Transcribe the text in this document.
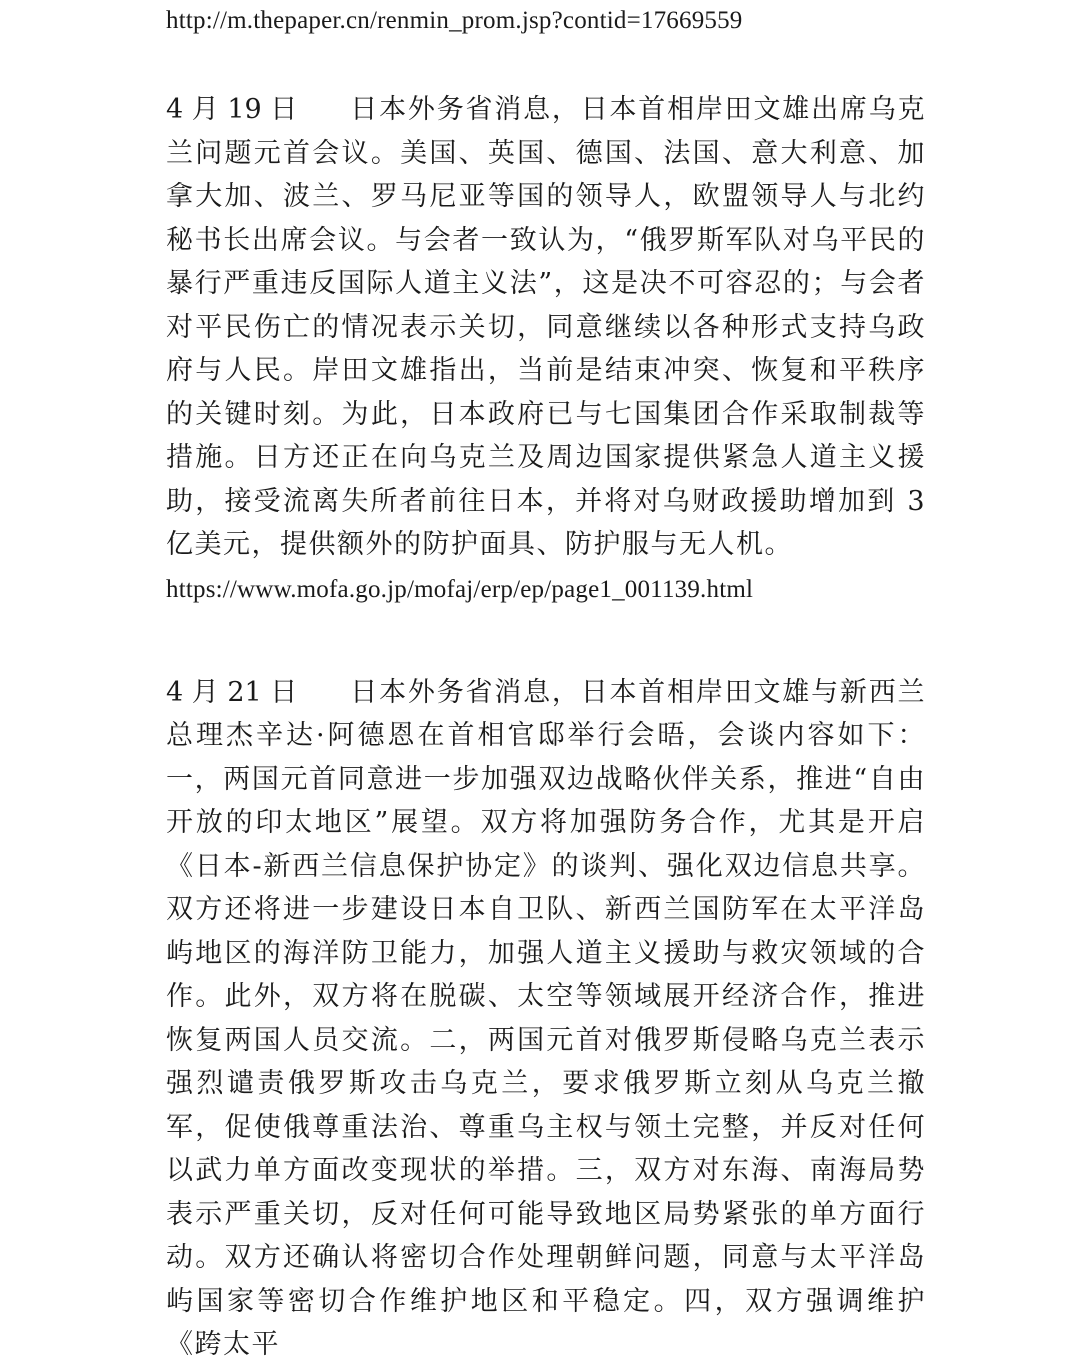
http://m.thepaper.cn/renmin_prom.jsp?contid=17669559
4 月 19 日 日本外务省消息，日本首相岸田文雄出席乌克兰问题元首会议。美国、英国、德国、法国、意大利意、加拿大加、波兰、罗马尼亚等国的领导人，欧盟领导人与北约秘书长出席会议。与会者一致认为，“俄罗斯军队对乌平民的暴行严重违反国际人道主义法”，这是决不可容忍的；与会者对平民伤亡的情况表示关切，同意继续以各种形式支持乌政府与人民。岸田文雄指出，当前是结束冲突、恢复和平秩序的关键时刻。为此，日本政府已与七国集团合作采取制裁等措施。日方还正在向乌克兰及周边国家提供紧急人道主义援助，接受流离失所者前往日本，并将对乌财政援助增加到 3 亿美元，提供额外的防护面具、防护服与无人机。
https://www.mofa.go.jp/mofaj/erp/ep/page1_001139.html
4 月 21 日 日本外务省消息，日本首相岸田文雄与新西兰总理杰辛达·阿德恩在首相官邸举行会晤，会谈内容如下：一，两国元首同意进一步加强双边战略伙伴关系，推进“自由开放的印太地区”展望。双方将加强防务合作，尤其是开启《日本-新西兰信息保护协定》的谈判、强化双边信息共享。双方还将进一步建设日本自卫队、新西兰国防军在太平洋岛屿地区的海洋防卫能力，加强人道主义援助与救灾领域的合作。此外，双方将在脱碳、太空等领域展开经济合作，推进恢复两国人员交流。二，两国元首对俄罗斯侵略乌克兰表示强烈谴责俄罗斯攻击乌克兰，要求俄罗斯立刻从乌克兰撤军，促使俄尊重法治、尊重乌主权与领土完整，并反对任何以武力单方面改变现状的举措。三，双方对东海、南海局势表示严重关切，反对任何可能导致地区局势紧张的单方面行动。双方还确认将密切合作处理朝鲜问题，同意与太平洋岛屿国家等密切合作维护地区和平稳定。四，双方强调维护《跨太平
